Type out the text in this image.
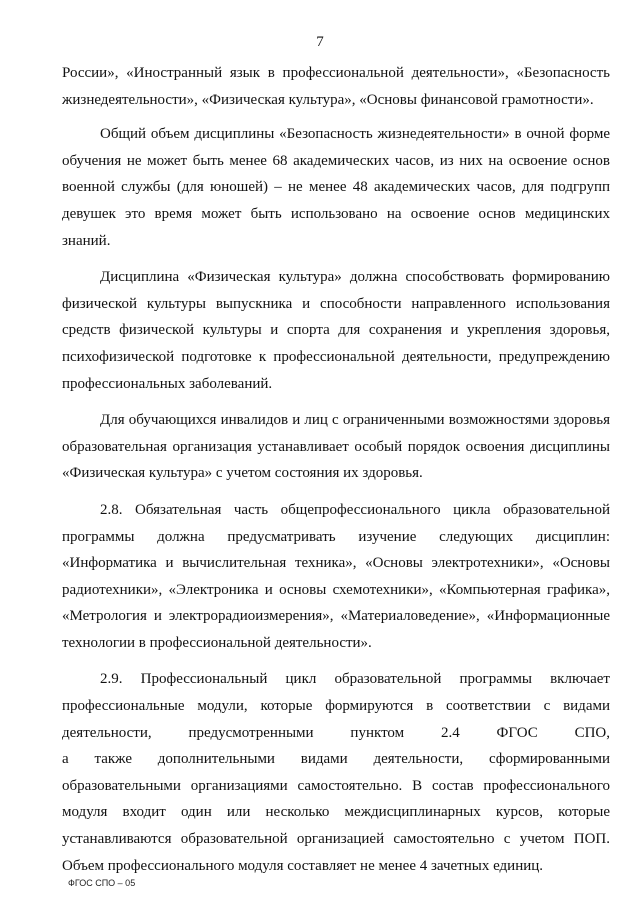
7

России», «Иностранный язык в профессиональной деятельности», «Безопасность
жизнедеятельности», «Физическая культура», «Основы финансовой грамотности».

Общий объем дисциплины «Безопасность жизнедеятельности» в очной форме
обучения не может быть менее 68 академических часов, из них на освоение основ
военной службы (для юношей) – не менее 48 академических часов, для подгрупп
девушек это время может быть использовано на освоение основ медицинских
знаний.

Дисциплина «Физическая культура» должна способствовать формированию
физической культуры выпускника и способности направленного использования
средств физической культуры и спорта для сохранения и укрепления здоровья,
психофизической подготовке к профессиональной деятельности, предупреждению
профессиональных заболеваний.

Для обучающихся инвалидов и лиц с ограниченными возможностями здоровья
образовательная организация устанавливает особый порядок освоения дисциплины
«Физическая культура» с учетом состояния их здоровья.

2.8. Обязательная часть общепрофессионального цикла образовательной
программы должна предусматривать изучение следующих дисциплин:
«Информатика и вычислительная техника», «Основы электротехники», «Основы
радиотехники», «Электроника и основы схемотехники», «Компьютерная графика»,
«Метрология и электрорадиоизмерения», «Материаловедение», «Информационные
технологии в профессиональной деятельности».

2.9. Профессиональный цикл образовательной программы включает
профессиональные модули, которые формируются в соответствии с видами
деятельности, предусмотренными пунктом 2.4 ФГОС СПО,
а также дополнительными видами деятельности, сформированными
образовательными организациями самостоятельно. В состав профессионального
модуля входит один или несколько междисциплинарных курсов, которые
устанавливаются образовательной организацией самостоятельно с учетом ПОП.
Объем профессионального модуля составляет не менее 4 зачетных единиц.

ФГОС СПО – 05
